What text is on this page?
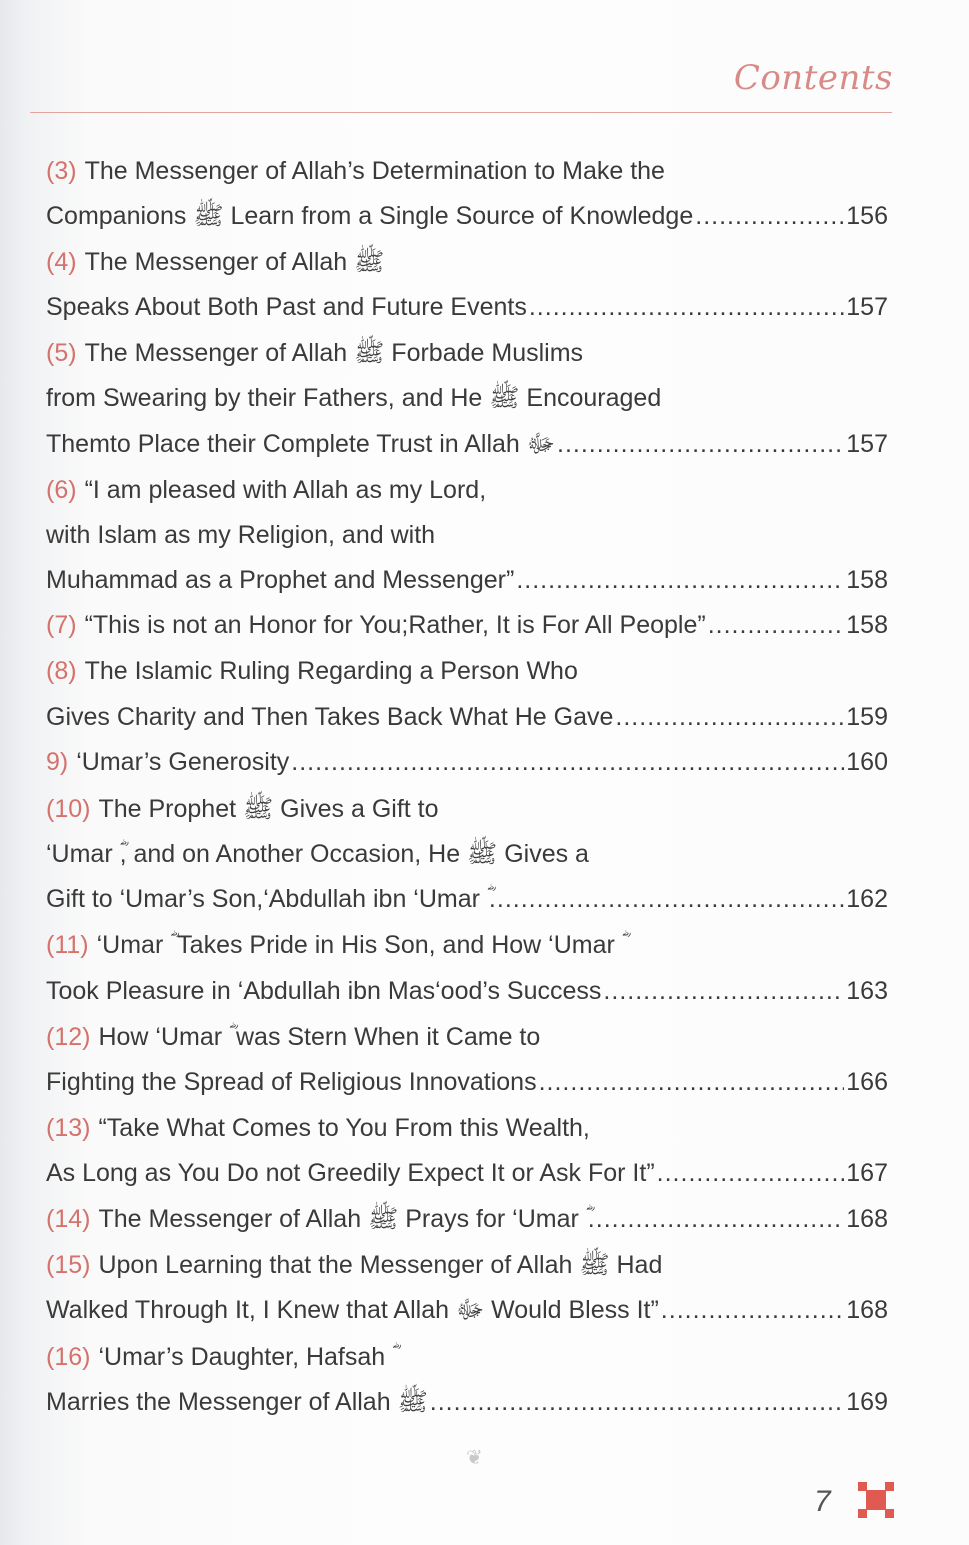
Contents
(3) The Messenger of Allah’s Determination to Make the
Companions ﷺ Learn from a Single Source of Knowledge .....	156
(4) The Messenger of Allah ﷺ
Speaks About Both Past and Future Events .....	157
(5) The Messenger of Allah ﷺ Forbade Muslims
from Swearing by their Fathers, and He ﷺ Encouraged
Themto Place their Complete Trust in Allah ﷻ .....	157
(6) “I am pleased with Allah as my Lord,
with Islam as my Religion, and with
Muhammad as a Prophet and Messenger” .....	158
(7) “This is not an Honor for You;Rather, It is For All People” .....	158
(8) The Islamic Ruling Regarding a Person Who
Gives Charity and Then Takes Back What He Gave .....	159
9) ‘Umar’s Generosity .....	160
(10) The Prophet ﷺ Gives a Gift to
‘Umar ؓ, and on Another Occasion, He ﷺ Gives a
Gift to ‘Umar’s Son,‘Abdullah ibn ‘Umar ؓ .....	162
(11) ‘Umar ؓ Takes Pride in His Son, and How ‘Umar ؓ
Took Pleasure in ‘Abdullah ibn Mas‘ood’s Success .....	163
(12) How ‘Umar ؓ was Stern When it Came to
Fighting the Spread of Religious Innovations .....	166
(13) “Take What Comes to You From this Wealth,
As Long as You Do not Greedily Expect It or Ask For It” .....	167
(14) The Messenger of Allah ﷺ Prays for ‘Umar ؓ .....	168
(15) Upon Learning that the Messenger of Allah ﷺ Had
Walked Through It, I Knew that Allah ﷻ Would Bless It” .....	168
(16) ‘Umar’s Daughter, Hafsah ؓ
Marries the Messenger of Allah ﷺ .....	169
❦
7
